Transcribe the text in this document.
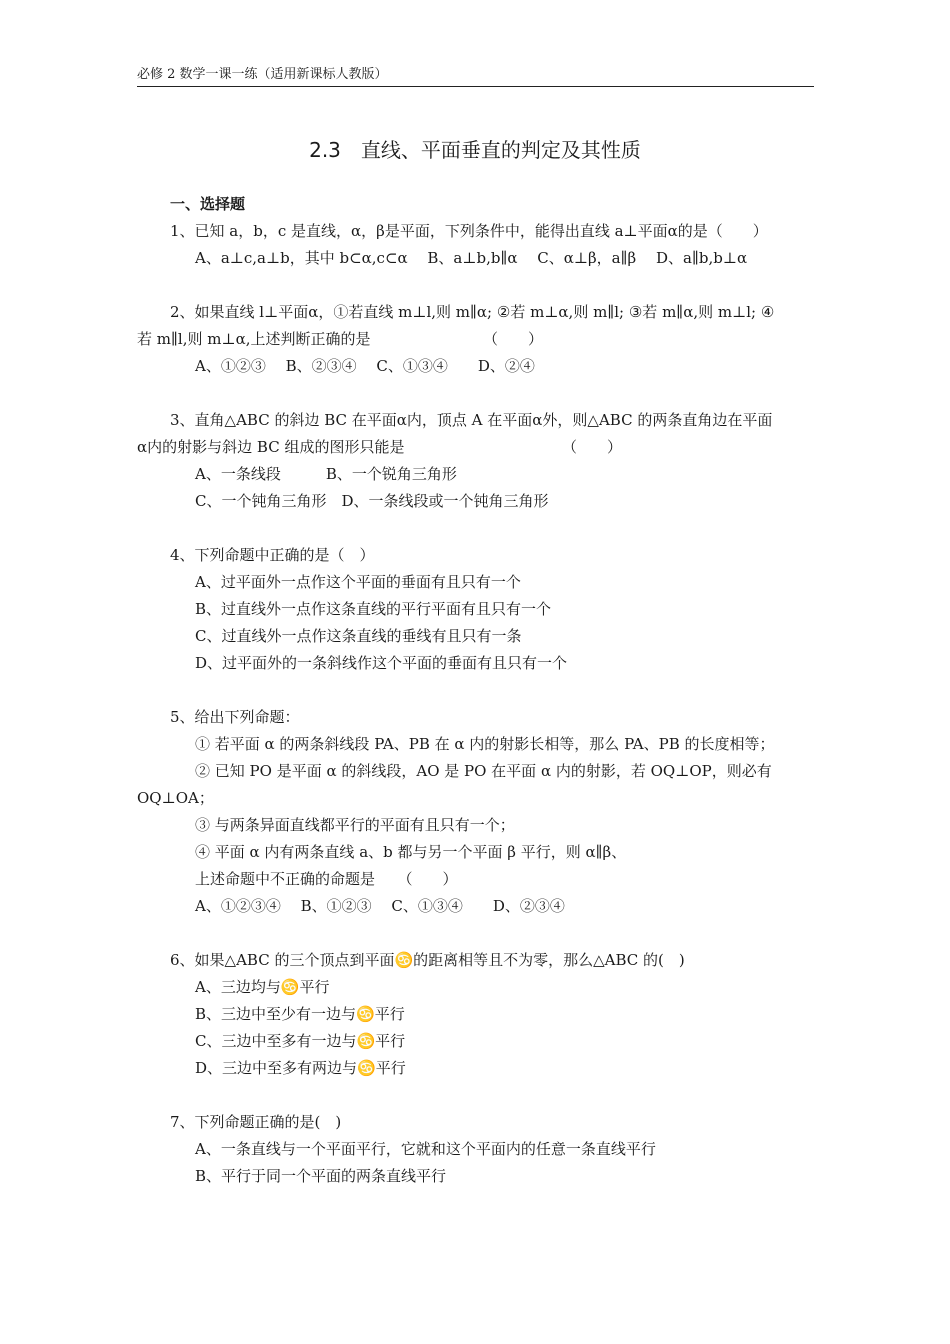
必修 2 数学一课一练（适用新课标人教版）
2.3　直线、平面垂直的判定及其性质
一、选择题
1、已知 a，b，c 是直线，α，β是平面，下列条件中，能得出直线 a⊥平面α的是（　　）
A、a⊥c,a⊥b，其中 b⊂α,c⊂α　 B、a⊥b,b∥α　 C、α⊥β，a∥β　 D、a∥b,b⊥α
2、如果直线 l⊥平面α，①若直线 m⊥l,则 m∥α; ②若 m⊥α,则 m∥l; ③若 m∥α,则 m⊥l; ④
若 m∥l,则 m⊥α,上述判断正确的是　　　　　　　　（　　）
A、①②③　 B、②③④　 C、①③④　　D、②④
3、直角△ABC 的斜边 BC 在平面α内，顶点 A 在平面α外，则△ABC 的两条直角边在平面
α内的射影与斜边 BC 组成的图形只能是　　　　　　　　　　　（　　）
A、一条线段　　　B、一个锐角三角形
C、一个钝角三角形　D、一条线段或一个钝角三角形
4、下列命题中正确的是（　）
A、过平面外一点作这个平面的垂面有且只有一个
B、过直线外一点作这条直线的平行平面有且只有一个
C、过直线外一点作这条直线的垂线有且只有一条
D、过平面外的一条斜线作这个平面的垂面有且只有一个
5、给出下列命题：
① 若平面 α 的两条斜线段 PA、PB 在 α 内的射影长相等，那么 PA、PB 的长度相等；
② 已知 PO 是平面 α 的斜线段，AO 是 PO 在平面 α 内的射影，若 OQ⊥OP，则必有
OQ⊥OA；
③ 与两条异面直线都平行的平面有且只有一个；
④ 平面 α 内有两条直线 a、b 都与另一个平面 β 平行，则 α∥β、
上述命题中不正确的命题是　　（　　）
A、①②③④　 B、①②③　 C、①③④　　D、②③④
6、如果△ABC 的三个顶点到平面♋的距离相等且不为零，那么△ABC 的(　)
A、三边均与♋平行
B、三边中至少有一边与♋平行
C、三边中至多有一边与♋平行
D、三边中至多有两边与♋平行
7、下列命题正确的是(　)
A、一条直线与一个平面平行，它就和这个平面内的任意一条直线平行
B、平行于同一个平面的两条直线平行
